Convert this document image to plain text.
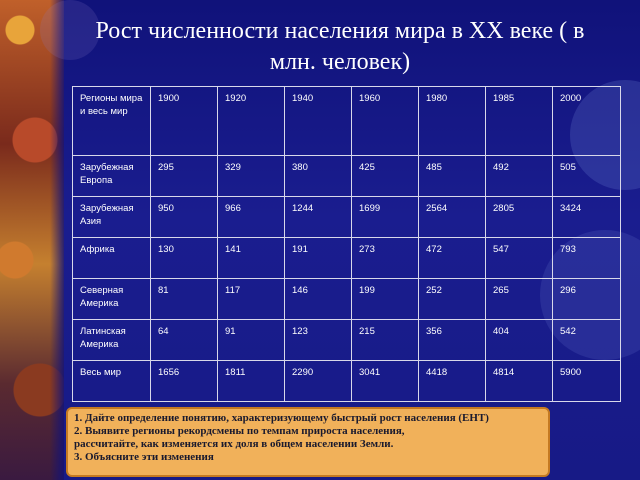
Рост численности населения мира в ХХ веке ( в
млн. человек)
Регионы мира и весь мир	1900	1920	1940	1960	1980	1985	2000
Зарубежная Европа	295	329	380	425	485	492	505
Зарубежная Азия	950	966	1244	1699	2564	2805	3424
Африка	130	141	191	273	472	547	793
Северная Америка	81	117	146	199	252	265	296
Латинская Америка	64	91	123	215	356	404	542
Весь мир	1656	1811	2290	3041	4418	4814	5900
1. Дайте определение понятию, характеризующему быстрый рост населения (ЕНТ)
2. Выявите регионы рекордсмены по темпам прироста населения,
рассчитайте, как изменяется их доля в общем населении Земли.
3. Объясните эти изменения
